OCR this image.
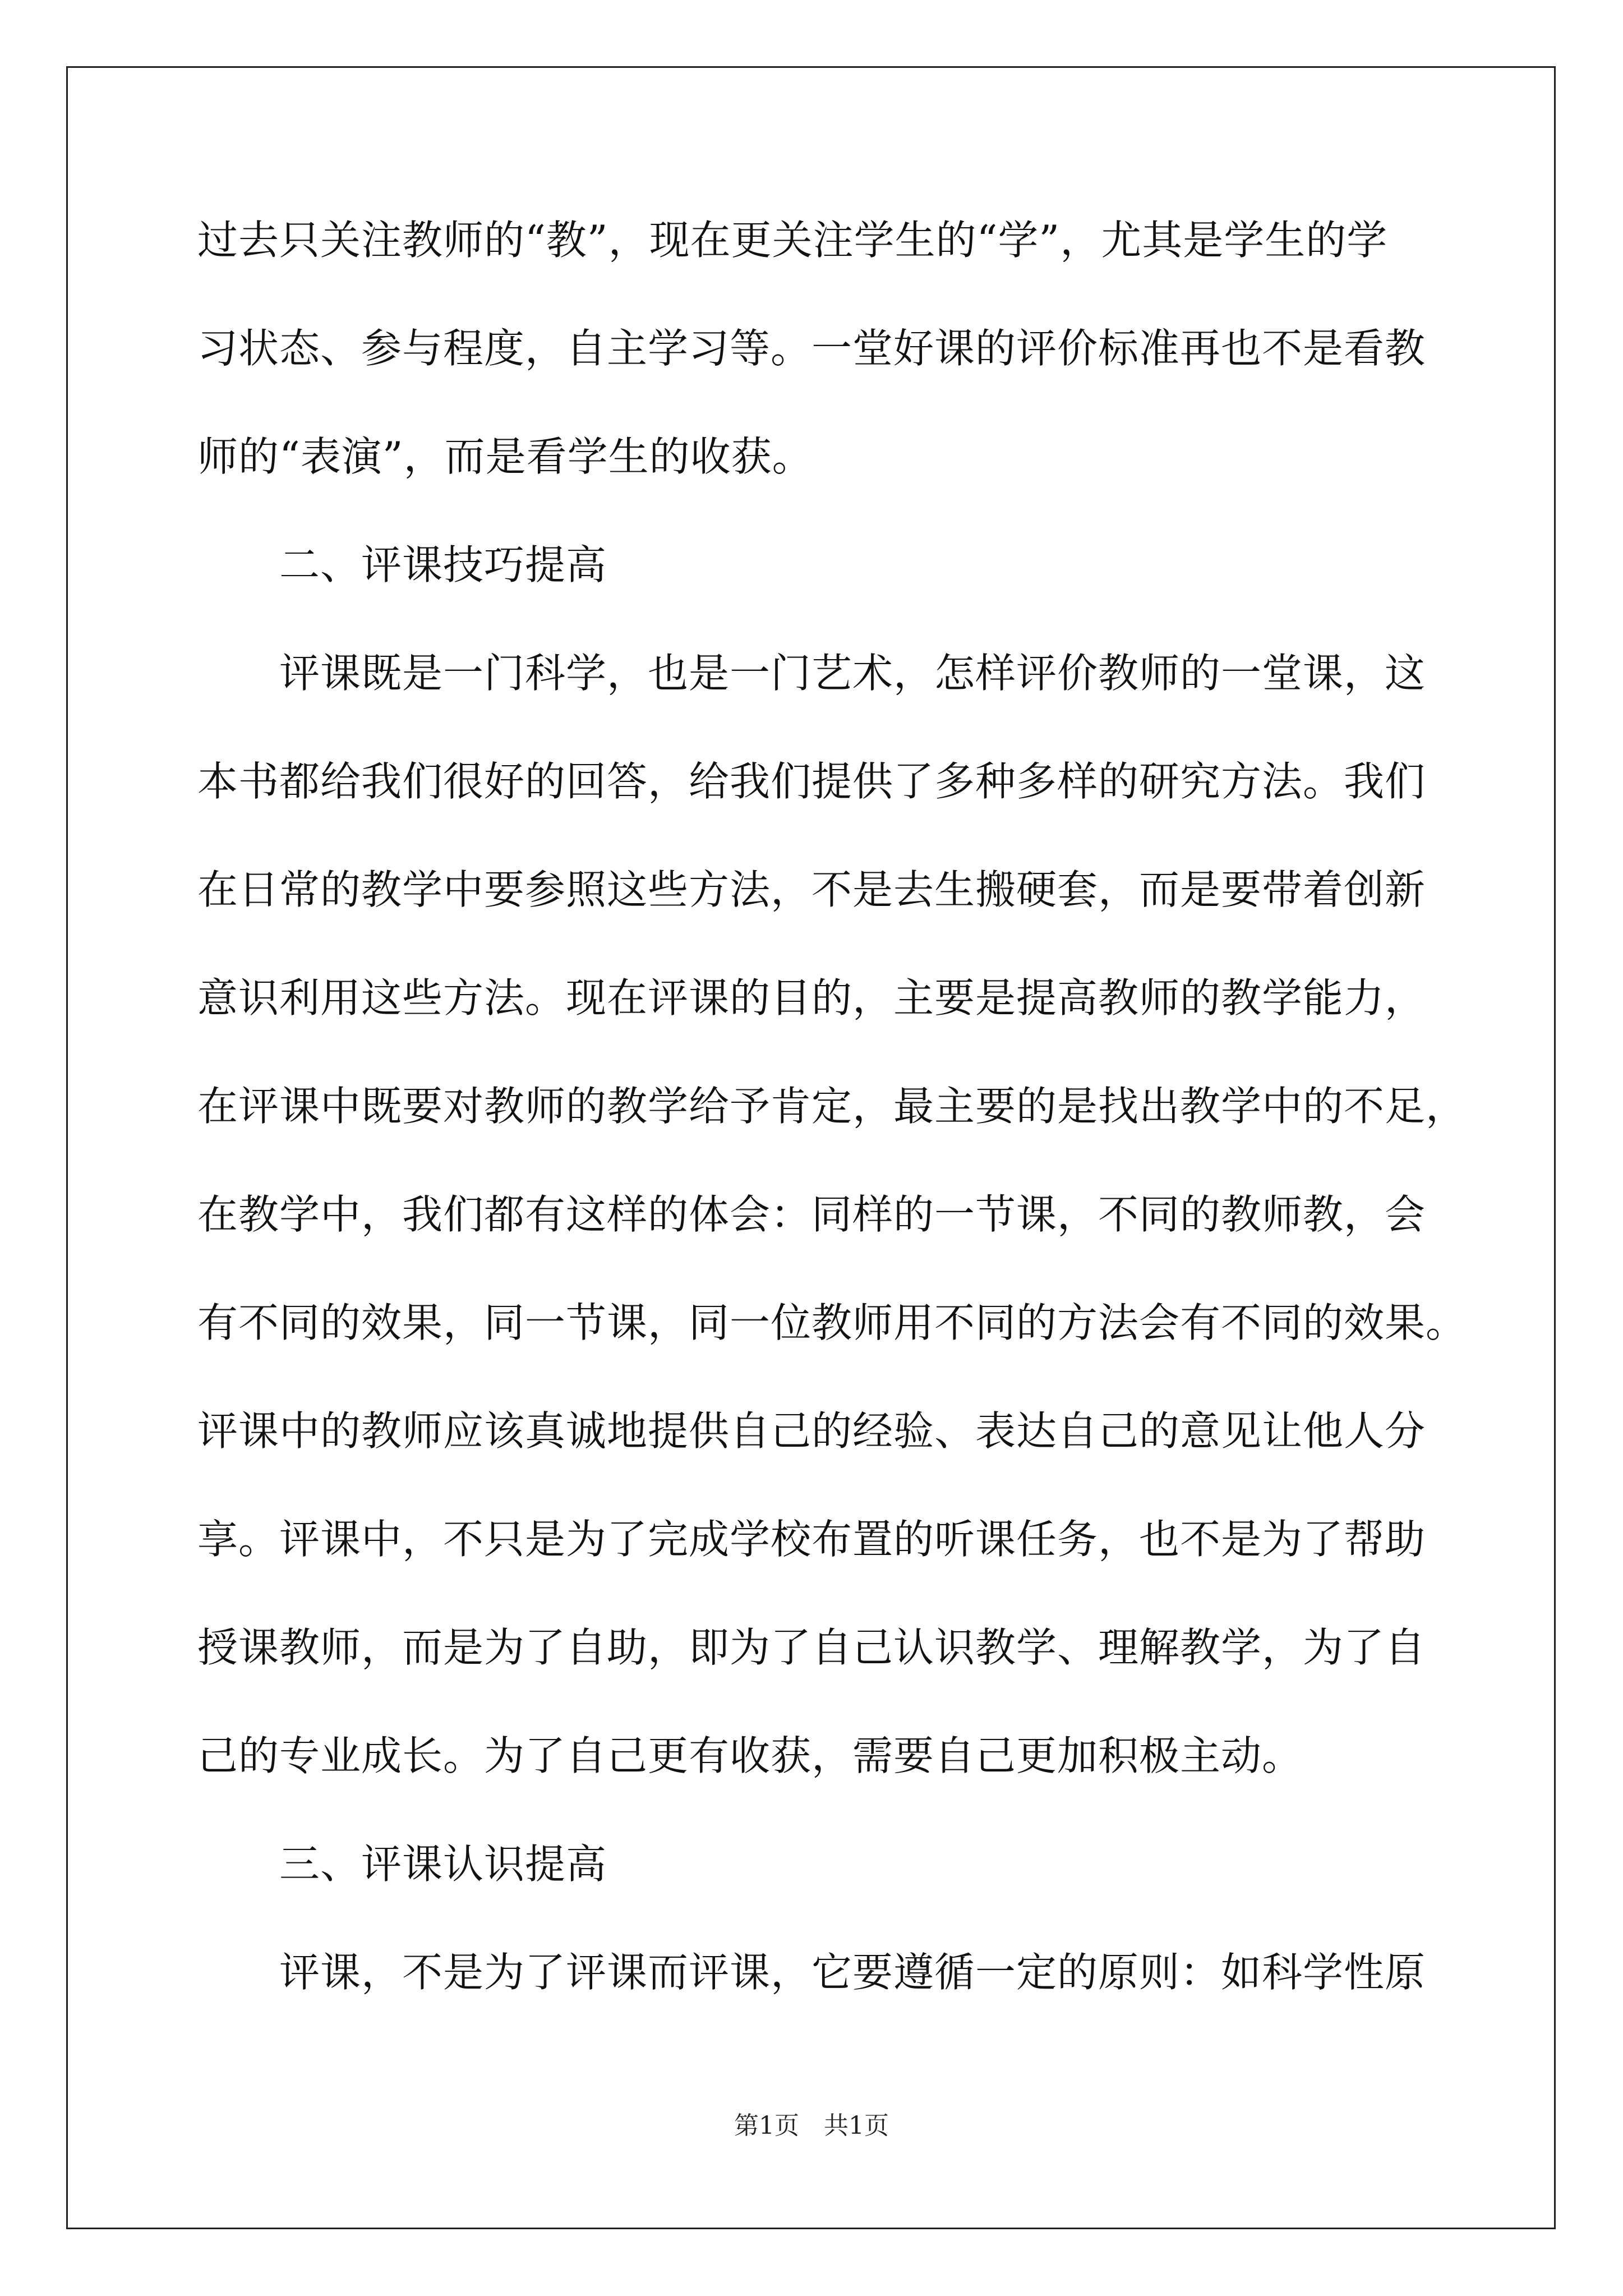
过去只关注教师的“教”，现在更关注学生的“学”，尤其是学生的学
习状态、参与程度，自主学习等。一堂好课的评价标准再也不是看教
师的“表演”，而是看学生的收获。
二、评课技巧提高
评课既是一门科学，也是一门艺术，怎样评价教师的一堂课，这
本书都给我们很好的回答，给我们提供了多种多样的研究方法。我们
在日常的教学中要参照这些方法，不是去生搬硬套，而是要带着创新
意识利用这些方法。现在评课的目的，主要是提高教师的教学能力，
在评课中既要对教师的教学给予肯定，最主要的是找出教学中的不足，
在教学中，我们都有这样的体会：同样的一节课，不同的教师教，会
有不同的效果，同一节课，同一位教师用不同的方法会有不同的效果。
评课中的教师应该真诚地提供自己的经验、表达自己的意见让他人分
享。评课中，不只是为了完成学校布置的听课任务，也不是为了帮助
授课教师，而是为了自助，即为了自己认识教学、理解教学，为了自
己的专业成长。为了自己更有收获，需要自己更加积极主动。
三、评课认识提高
评课，不是为了评课而评课，它要遵循一定的原则：如科学性原
第1页　共1页
